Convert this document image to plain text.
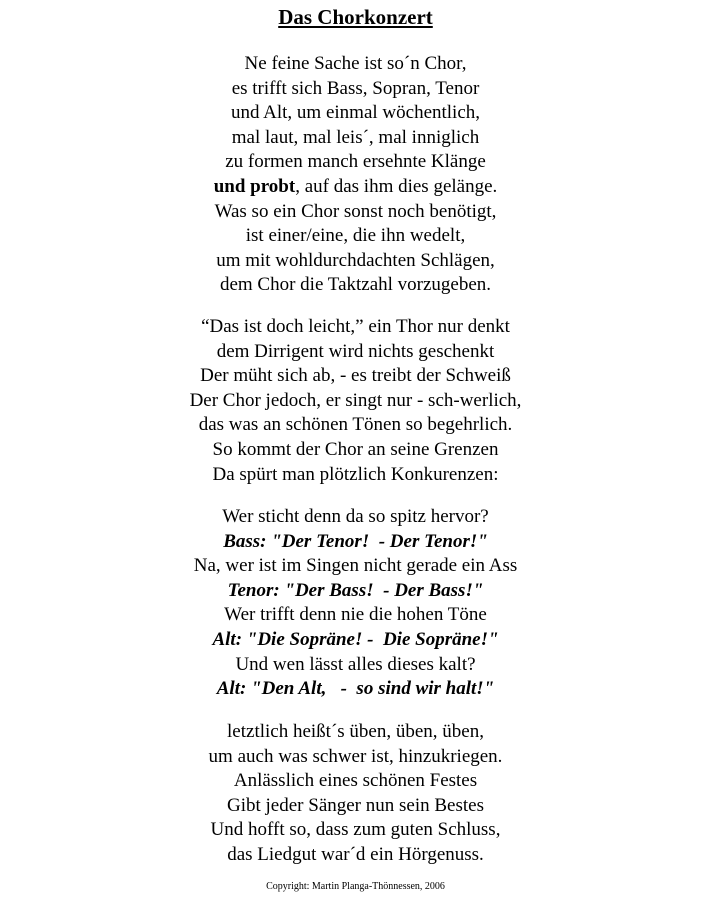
Das Chorkonzert
Ne feine Sache ist so´n Chor,
es trifft sich Bass, Sopran, Tenor
und Alt, um einmal wöchentlich,
mal laut, mal leis´, mal inniglich
zu formen manch ersehnte Klänge
und probt, auf das ihm dies gelänge.
Was so ein Chor sonst noch benötigt,
ist einer/eine, die ihn wedelt,
um mit wohldurchdachten Schlägen,
dem Chor die Taktzahl vorzugeben.
“Das ist doch leicht,” ein Thor nur denkt
dem Dirrigent wird nichts geschenkt
Der müht sich ab, - es treibt der Schweiß
Der Chor jedoch, er singt nur - sch-werlich,
das was an schönen Tönen so begehrlich.
So kommt der Chor an seine Grenzen
Da spürt man plötzlich Konkurenzen:
Wer sticht denn da so spitz hervor?
Bass: "Der Tenor!  - Der Tenor!"
Na, wer ist im Singen nicht gerade ein Ass
Tenor: "Der Bass!  - Der Bass!"
Wer trifft denn nie die hohen Töne
Alt: "Die Sopräne! -  Die Sopräne!"
Und wen lässt alles dieses kalt?
Alt: "Den Alt,   -  so sind wir halt!"
letztlich heißt´s üben, üben, üben,
um auch was schwer ist, hinzukriegen.
Anlässlich eines schönen Festes
Gibt jeder Sänger nun sein Bestes
Und hofft so, dass zum guten Schluss,
das Liedgut war´d ein Hörgenuss.
Copyright: Martin Planga-Thönnessen, 2006
